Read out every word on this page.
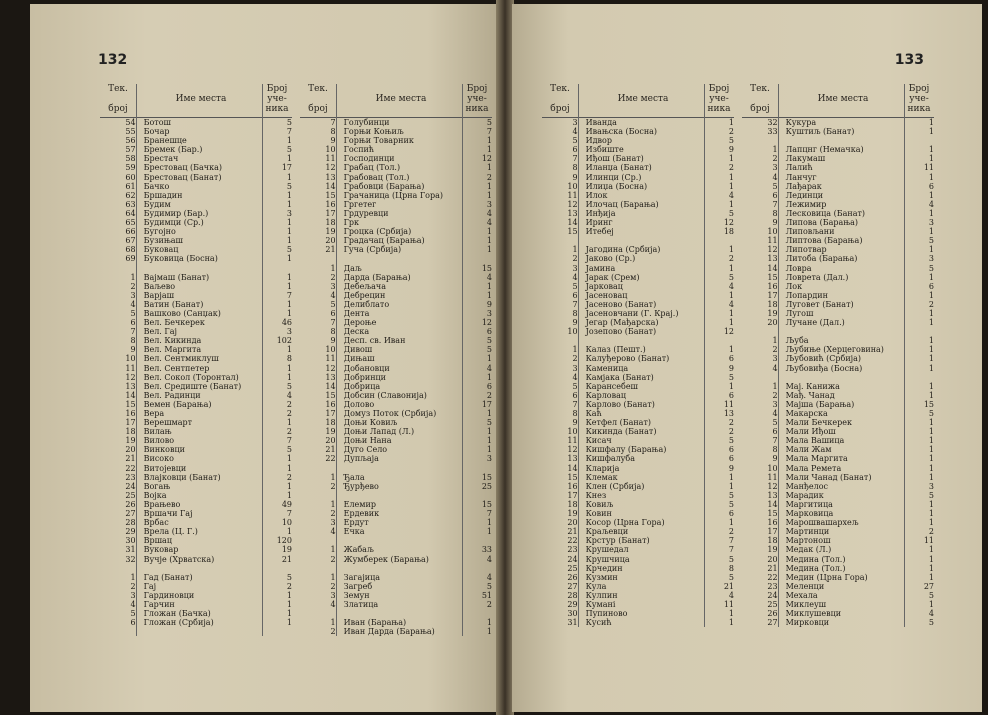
132
Тек.
број
Име места
Број
уче-
ника
54	Ботош	5
55	Бочар	7
56	Бранешце	1
57	Бремек (Бар.)	5
58	Брестач	1
59	Брестовац (Бачка)	17
60	Брестовац (Банат)	1
61	Бачко	5
62	Бршадин	1
63	Будим	1
64	Будимир (Бар.)	3
65	Будимци (Ср.)	1
66	Бугојно	1
67	Бузињаш	1
68	Буковац	5
69	Буковица (Босна)	1
1	Вајмаш (Банат)	1
2	Ваљево	1
3	Варјаш	7
4	Ватин (Банат)	1
5	Вашково (Санџак)	1
6	Вел. Бечкерек	46
7	Вел. Гај	3
8	Вел. Кикинда	102
9	Вел. Маргита	1
10	Вел. Сентмиклуш	8
11	Вел. Сентпетер	1
12	Вел. Сокол (Торонтал)	1
13	Вел. Средиште (Банат)	5
14	Вел. Радинци	4
15	Вемен (Барања)	2
16	Вера	2
17	Верешмарт	1
18	Вилањ	2
19	Вилово	7
20	Винковци	5
21	Високо	1
22	Витојевци	1
23	Влајковци (Банат)	2
24	Вогањ	1
25	Војка	1
26	Врањево	49
27	Вршачи Гај	7
28	Врбас	10
29	Врела (Ц. Г.)	1
30	Вршац	120
31	Вуковар	19
32	Вучје (Хрватска)	21
1	Гад (Банат)	5
2	Гај	2
3	Гардиновци	1
4	Гарчин	1
5	Гложан (Бачка)	1
6	Гложан (Србија)	1
Тек.
број
Име места
Број
уче-
ника
7	Голубинци	5
8	Горњи Коњиљ	7
9	Горњи Товарник	1
10	Госпић	1
11	Господинци	12
12	Грабац (Тол.)	1
13	Грабовац (Тол.)	2
14	Грабовци (Барања)	1
15	Грачаница (Црна Гора)	1
16	Гргетег	3
17	Грдуревци	4
18	Грк	4
19	Гроцка (Србија)	1
20	Градачац (Барања)	1
21	Гуча (Србија)	1
1	Даљ	15
2	Дарда (Барања)	4
3	Дебељача	1
4	Дебрецин	1
5	Делиблато	9
6	Дента	3
7	Дероње	12
8	Деска	6
9	Десп. св. Иван	5
10	Дивош	5
11	Дињаш	1
12	Добановци	4
13	Добринци	1
14	Добрица	6
15	Добсин (Славонија)	2
16	Долово	17
17	Домуз Поток (Србија)	1
18	Доњи Ковиљ	5
19	Доњи Лапад (Л.)	1
20	Доњи Нана	1
21	Дуго Село	1
22	Дупљаја	3
1	Ђала	15
2	Ђурђево	25
1	Елемир	15
2	Ердевик	7
3	Ердут	1
4	Ечка	1
1	Жабаљ	33
2	Жумберек (Барања)	4
1	Загајица	4
2	Загреб	5
3	Земун	51
4	Златица	2
1	Иван (Барања)	1
2	Иван Дарда (Барања)	1
133
Тек.
број
Име места
Број
уче-
ника
3	Иванда	1
4	Ивањска (Босна)	2
5	Идвор	5
6	Избиште	9
7	Иђош (Банат)	1
8	Иланџа (Банат)	2
9	Илинци (Ср.)	1
10	Илиџа (Босна)	1
11	Илок	4
12	Илочац (Барања)	1
13	Инђија	5
14	Иринг	12
15	Итебеј	18
1	Јагодина (Србија)	1
2	Јаково (Ср.)	2
3	Јамина	1
4	Јарак (Срем)	5
5	Јарковац	4
6	Јасеновац	1
7	Јасеново (Банат)	4
8	Јасеновчани (Г. Крај.)	1
9	Јегар (Мађарска)	1
10	Јозепово (Банат)	12
1	Калаз (Пешт.)	1
2	Калуђерово (Банат)	6
3	Каменица	9
4	Камјака (Банат)	5
5	Карансебеш	1
6	Карловац	6
7	Карлово (Банат)	11
8	Каћ	13
9	Кетфел (Банат)	2
10	Кикинда (Банат)	2
11	Кисач	5
12	Кишфалу (Барања)	6
13	Кишфалуба	6
14	Кларија	9
15	Клемак	1
16	Клен (Србија)	1
17	Кнез	5
18	Ковиљ	5
19	Ковин	6
20	Косор (Црна Гора)	1
21	Краљевци	2
22	Крстур (Банат)	7
23	Крушедал	7
24	Крушчица	5
25	Крчедин	8
26	Кузмин	5
27	Кула	21
28	Кулпин	4
29	Куманi	11
30	Пупиново	1
31	Кусић	1
Тек.
број
Име места
Број
уче-
ника
32	Кукура	1
33	Куштиљ (Банат)	1
1	Лапцнг (Немачка)	1
2	Лакумаш	1
3	Лалић	11
4	Ланчуг	1
5	Лађарак	6
6	Лединци	1
7	Лежимир	4
8	Лесковица (Банат)	1
9	Липова (Барања)	3
10	Липовљани	1
11	Липтова (Барања)	5
12	Липотвар	1
13	Литоба (Барања)	3
14	Ловра	5
15	Ловрета (Дал.)	1
16	Лок	6
17	Лопардин	1
18	Луговет (Банат)	2
19	Лугош	1
20	Лучане (Дал.)	1
1	Љуба	1
2	Љубиње (Херцеговина)	1
3	Љубовић (Србија)	1
4	Љубовиђа (Босна)	1
1	Мај. Канижа	1
2	Мађ. Чанад	1
3	Мајша (Барања)	15
4	Макарска	5
5	Мали Бечкерек	1
6	Мали Иђош	1
7	Мала Вашица	1
8	Мали Жам	1
9	Мала Маргита	1
10	Мала Ремета	1
11	Мали Чанад (Банат)	1
12	Манђелос	3
13	Марадик	5
14	Маргитица	1
15	Марковица	1
16	Марошвашархељ	1
17	Мартинци	2
18	Мартонош	11
19	Медак (Л.)	1
20	Медина (Тол.)	1
21	Медина (Тол.)	1
22	Медин (Црна Гора)	1
23	Меленци	27
24	Мехала	5
25	Миклеуш	1
26	Миклушевци	4
27	Мирковци	5
